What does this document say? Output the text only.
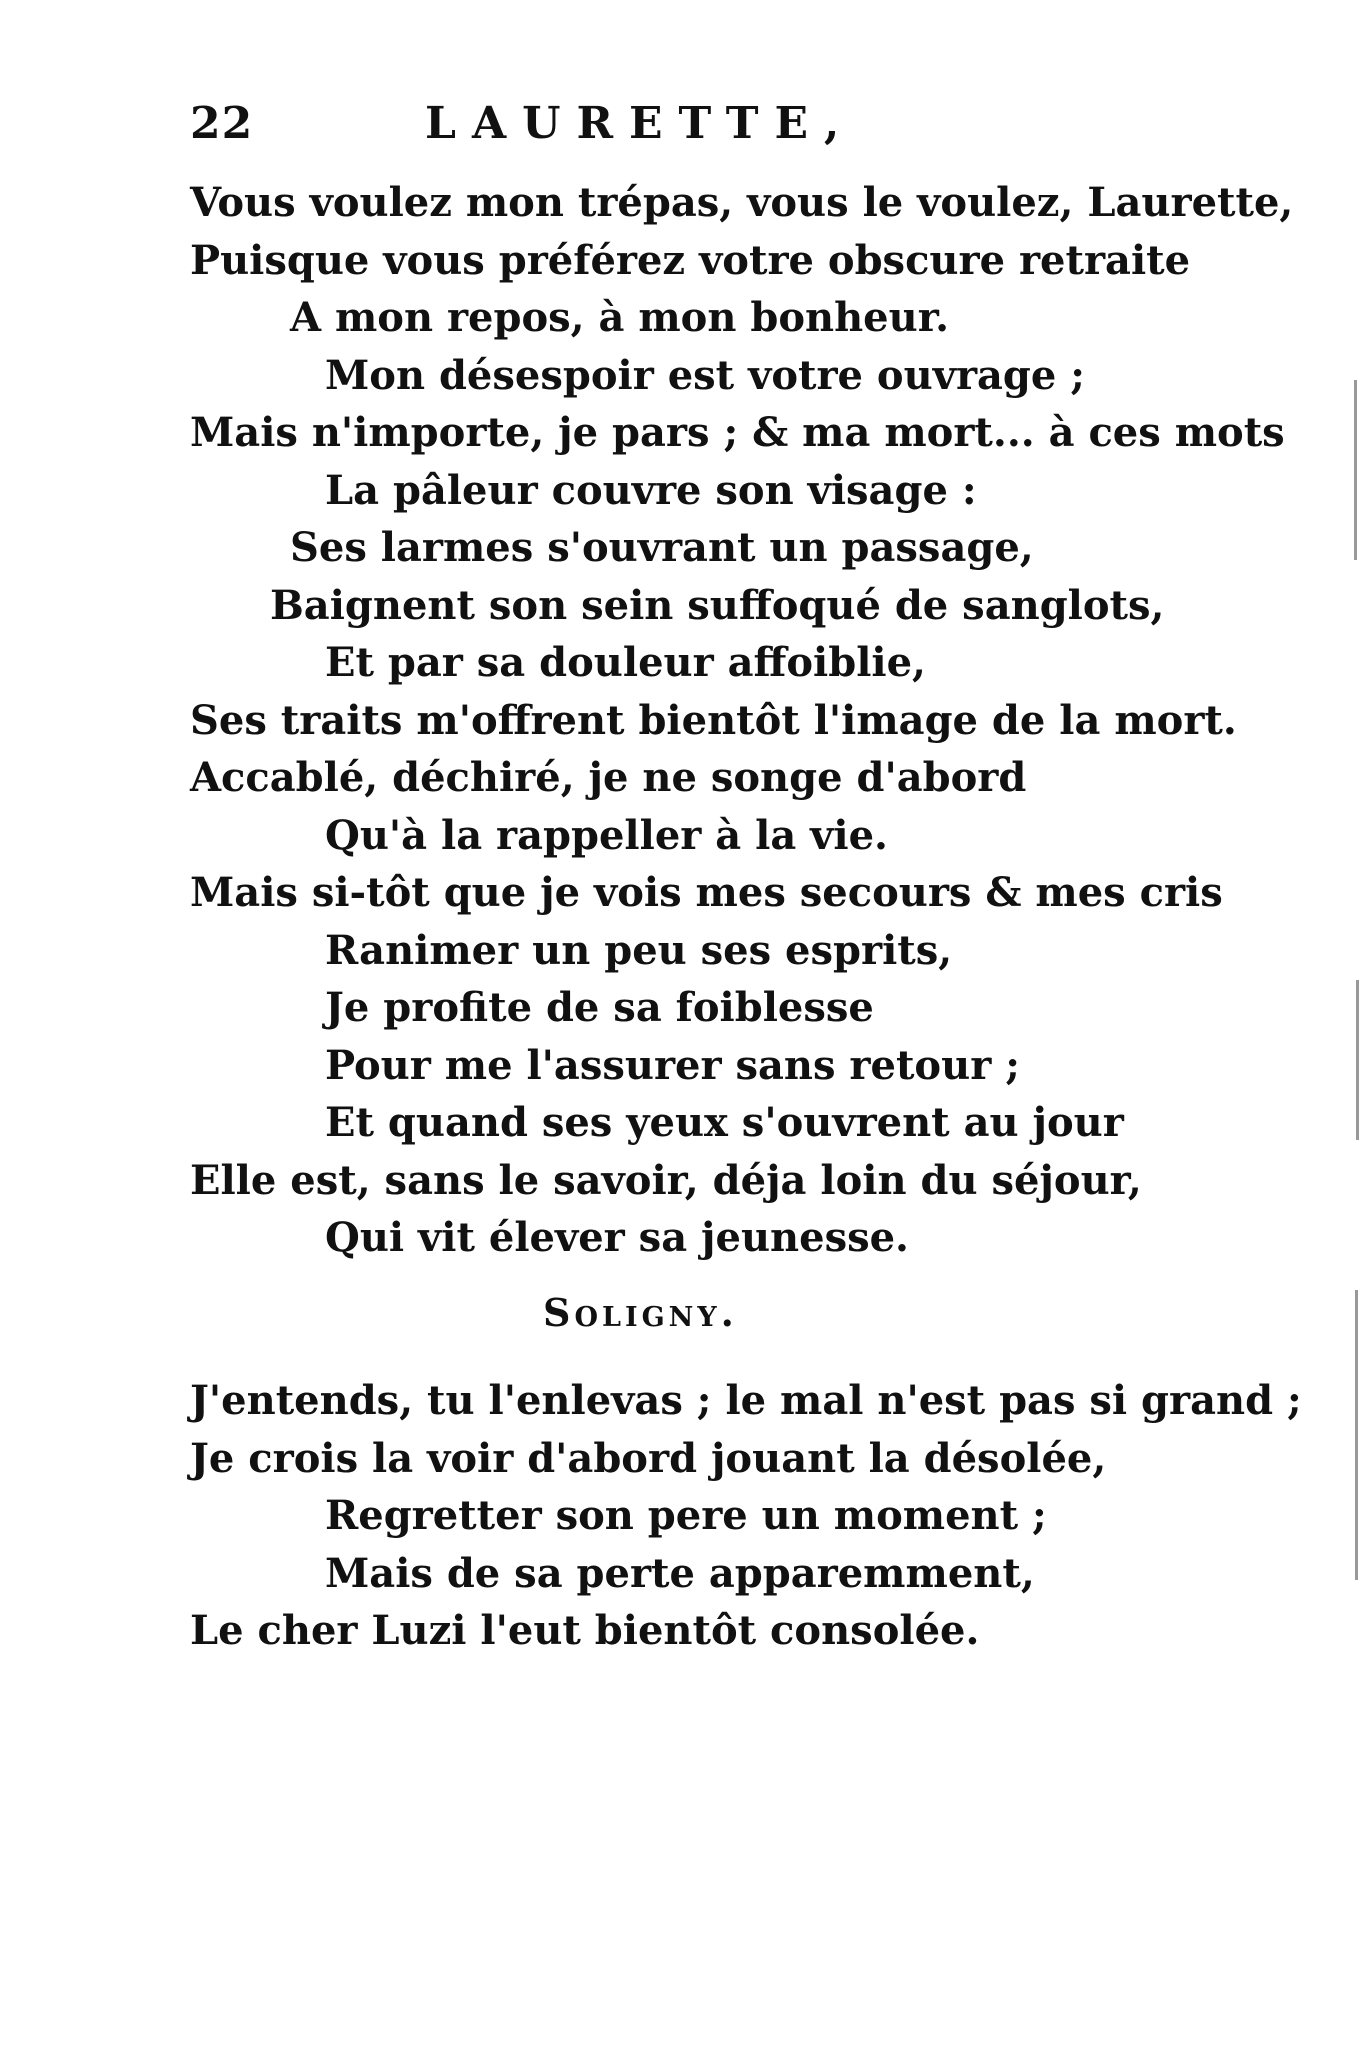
22	LAURETTE,
Vous voulez mon trépas, vous le voulez, Laurette,
Puisque vous préférez votre obscure retraite
A mon repos, à mon bonheur.
Mon désespoir est votre ouvrage ;
Mais n'importe, je pars ; & ma mort... à ces mots
La pâleur couvre son visage :
Ses larmes s'ouvrant un passage,
Baignent son sein suffoqué de sanglots,
Et par sa douleur affoiblie,
Ses traits m'offrent bientôt l'image de la mort.
Accablé, déchiré, je ne songe d'abord
Qu'à la rappeller à la vie.
Mais si-tôt que je vois mes secours & mes cris
Ranimer un peu ses esprits,
Je profite de sa foiblesse
Pour me l'assurer sans retour ;
Et quand ses yeux s'ouvrent au jour
Elle est, sans le savoir, déja loin du séjour,
Qui vit élever sa jeunesse.
Soligny.
J'entends, tu l'enlevas ; le mal n'est pas si grand ;
Je crois la voir d'abord jouant la désolée,
Regretter son pere un moment ;
Mais de sa perte apparemment,
Le cher Luzi l'eut bientôt consolée.
